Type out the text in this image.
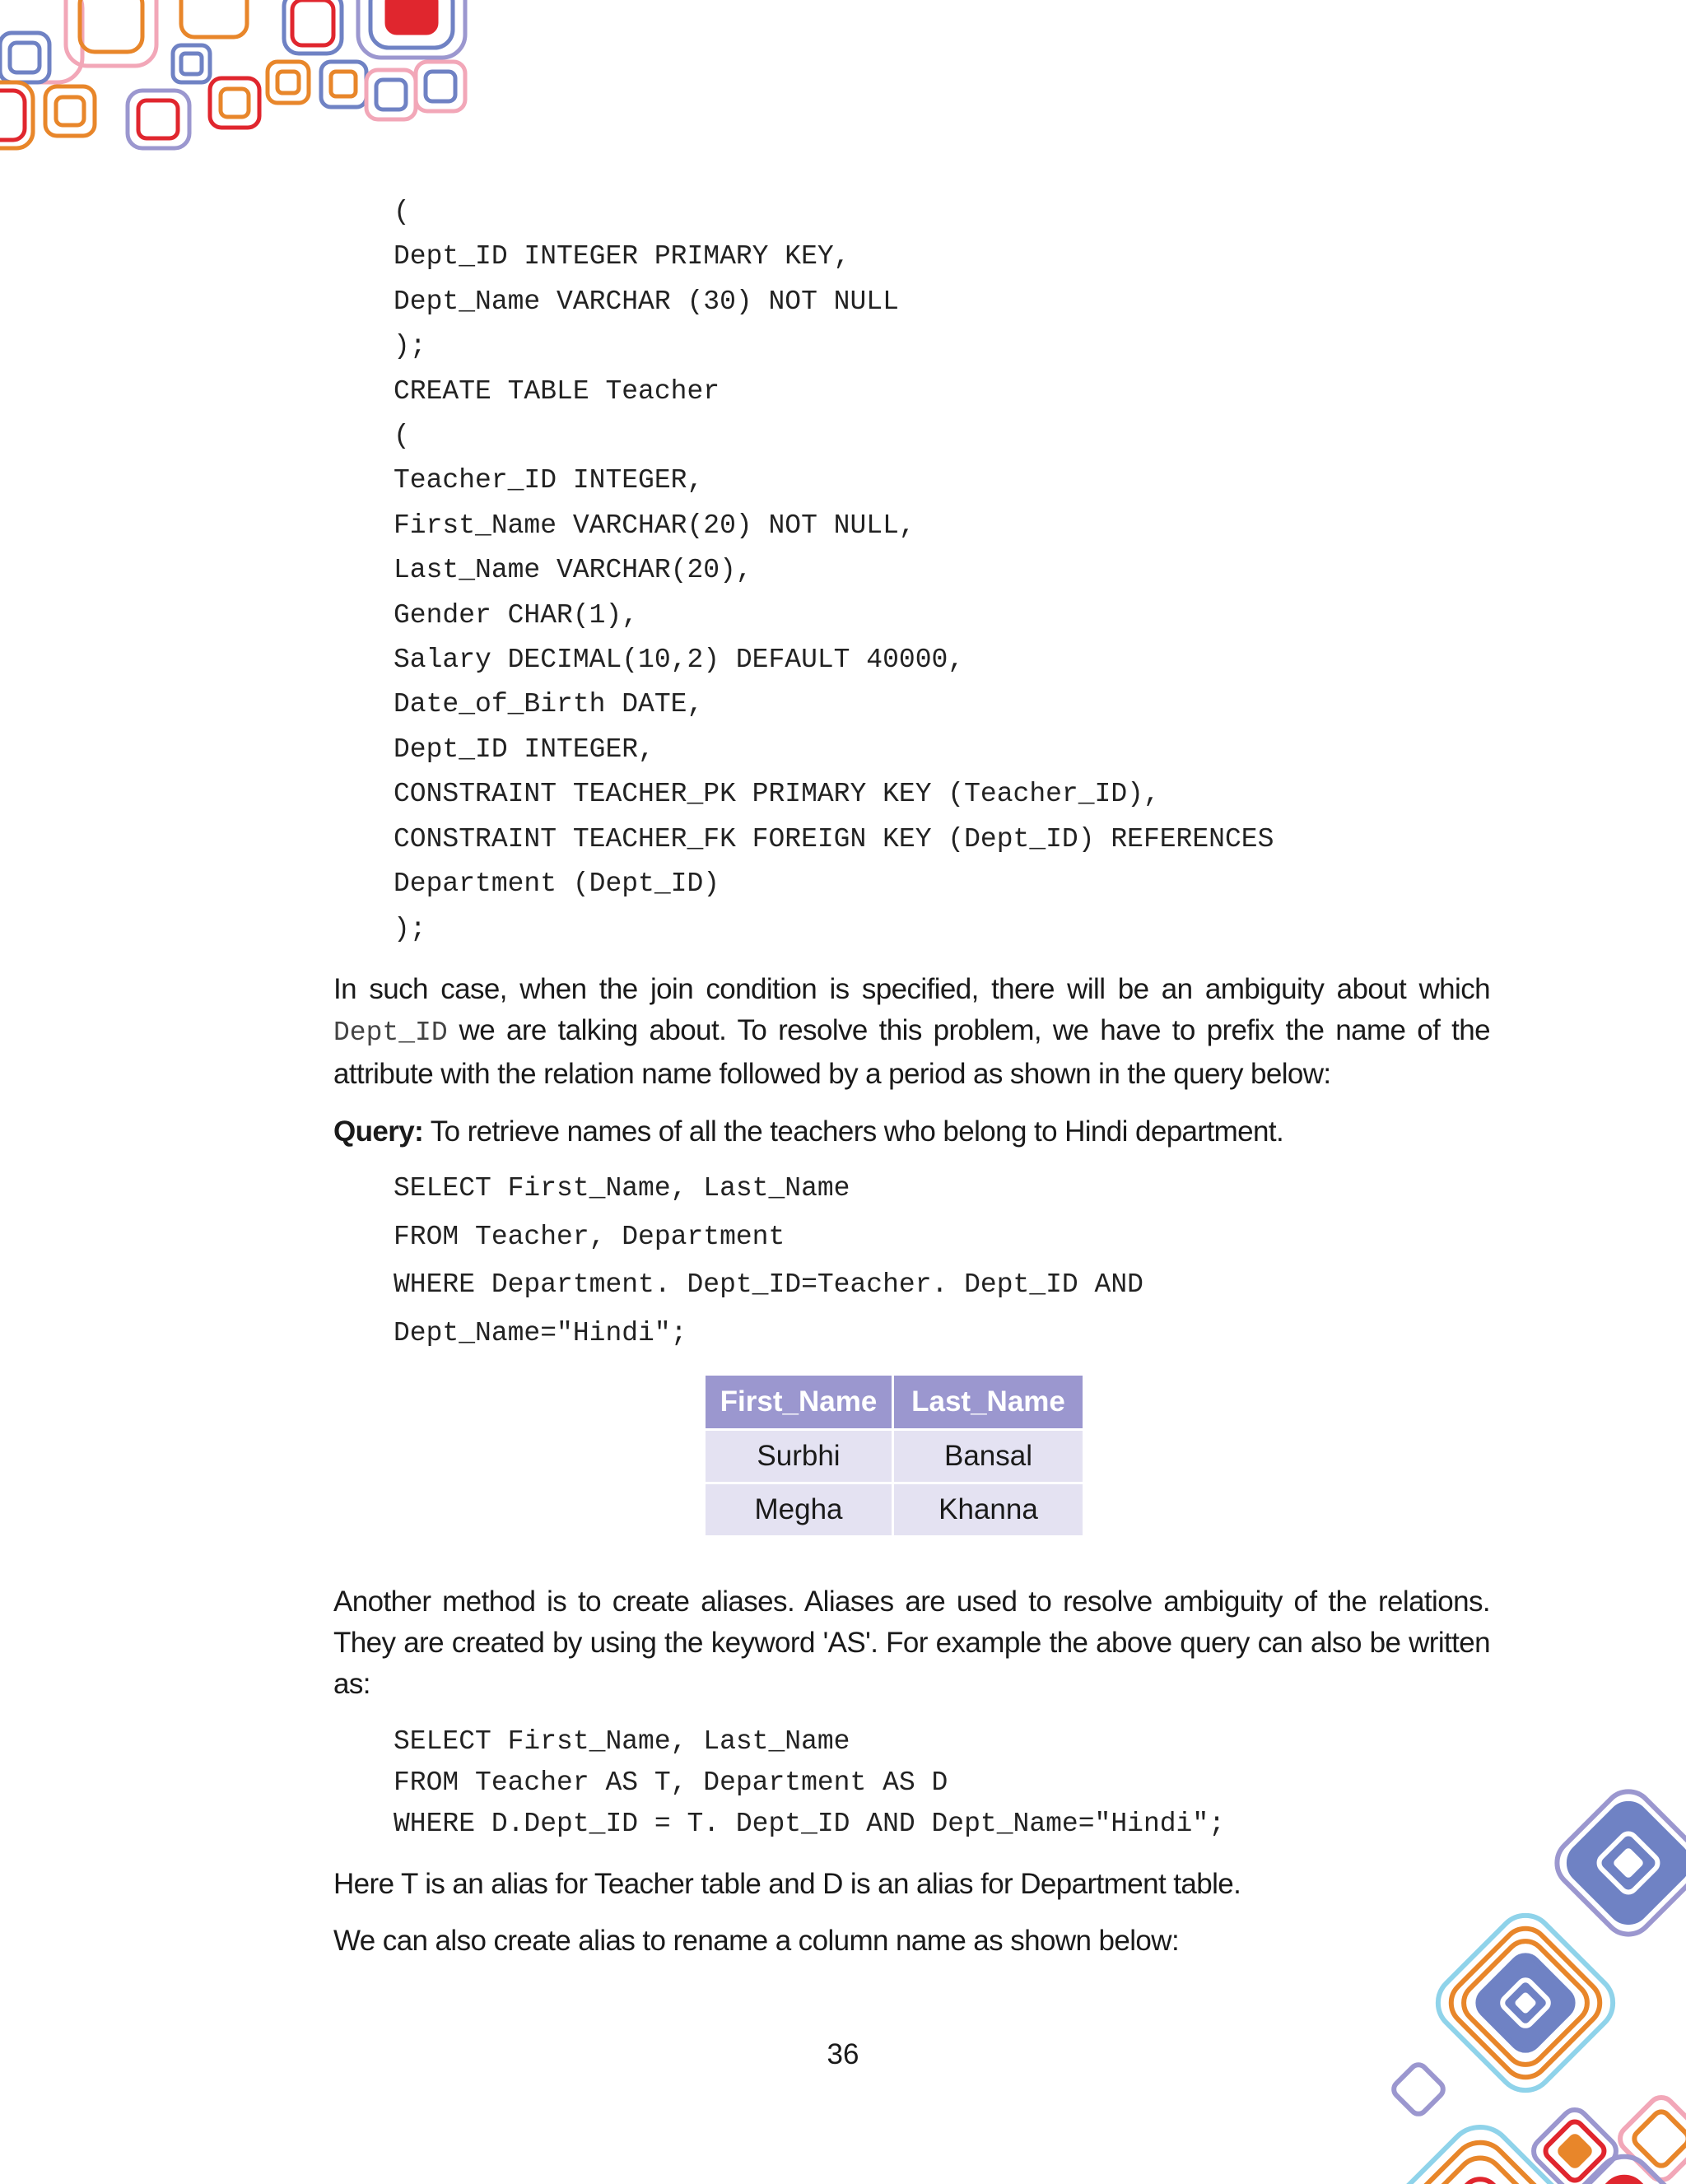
(
Dept_ID INTEGER PRIMARY KEY,
Dept_Name VARCHAR (30) NOT NULL
);
CREATE TABLE Teacher
(
Teacher_ID INTEGER,
First_Name VARCHAR(20) NOT NULL,
Last_Name VARCHAR(20),
Gender CHAR(1),
Salary DECIMAL(10,2) DEFAULT 40000,
Date_of_Birth DATE,
Dept_ID INTEGER,
CONSTRAINT TEACHER_PK PRIMARY KEY (Teacher_ID),
CONSTRAINT TEACHER_FK FOREIGN KEY (Dept_ID) REFERENCES
Department (Dept_ID)
);

In such case, when the join condition is specified, there will be an ambiguity about which Dept_ID we are talking about. To resolve this problem, we have to prefix the name of the attribute with the relation name followed by a period as shown in the query below:

Query: To retrieve names of all the teachers who belong to Hindi department.

SELECT First_Name, Last_Name
FROM Teacher, Department
WHERE Department. Dept_ID=Teacher. Dept_ID AND
Dept_Name="Hindi";
First_Name	Last_Name
Surbhi	Bansal
Megha	Khanna

Another method is to create aliases. Aliases are used to resolve ambiguity of the relations. They are created by using the keyword 'AS'. For example the above query can also be written as:

SELECT First_Name, Last_Name
FROM Teacher AS T, Department AS D
WHERE D.Dept_ID = T. Dept_ID AND Dept_Name="Hindi";

Here T is an alias for Teacher table and D is an alias for Department table.

We can also create alias to rename a column name as shown below:

36
